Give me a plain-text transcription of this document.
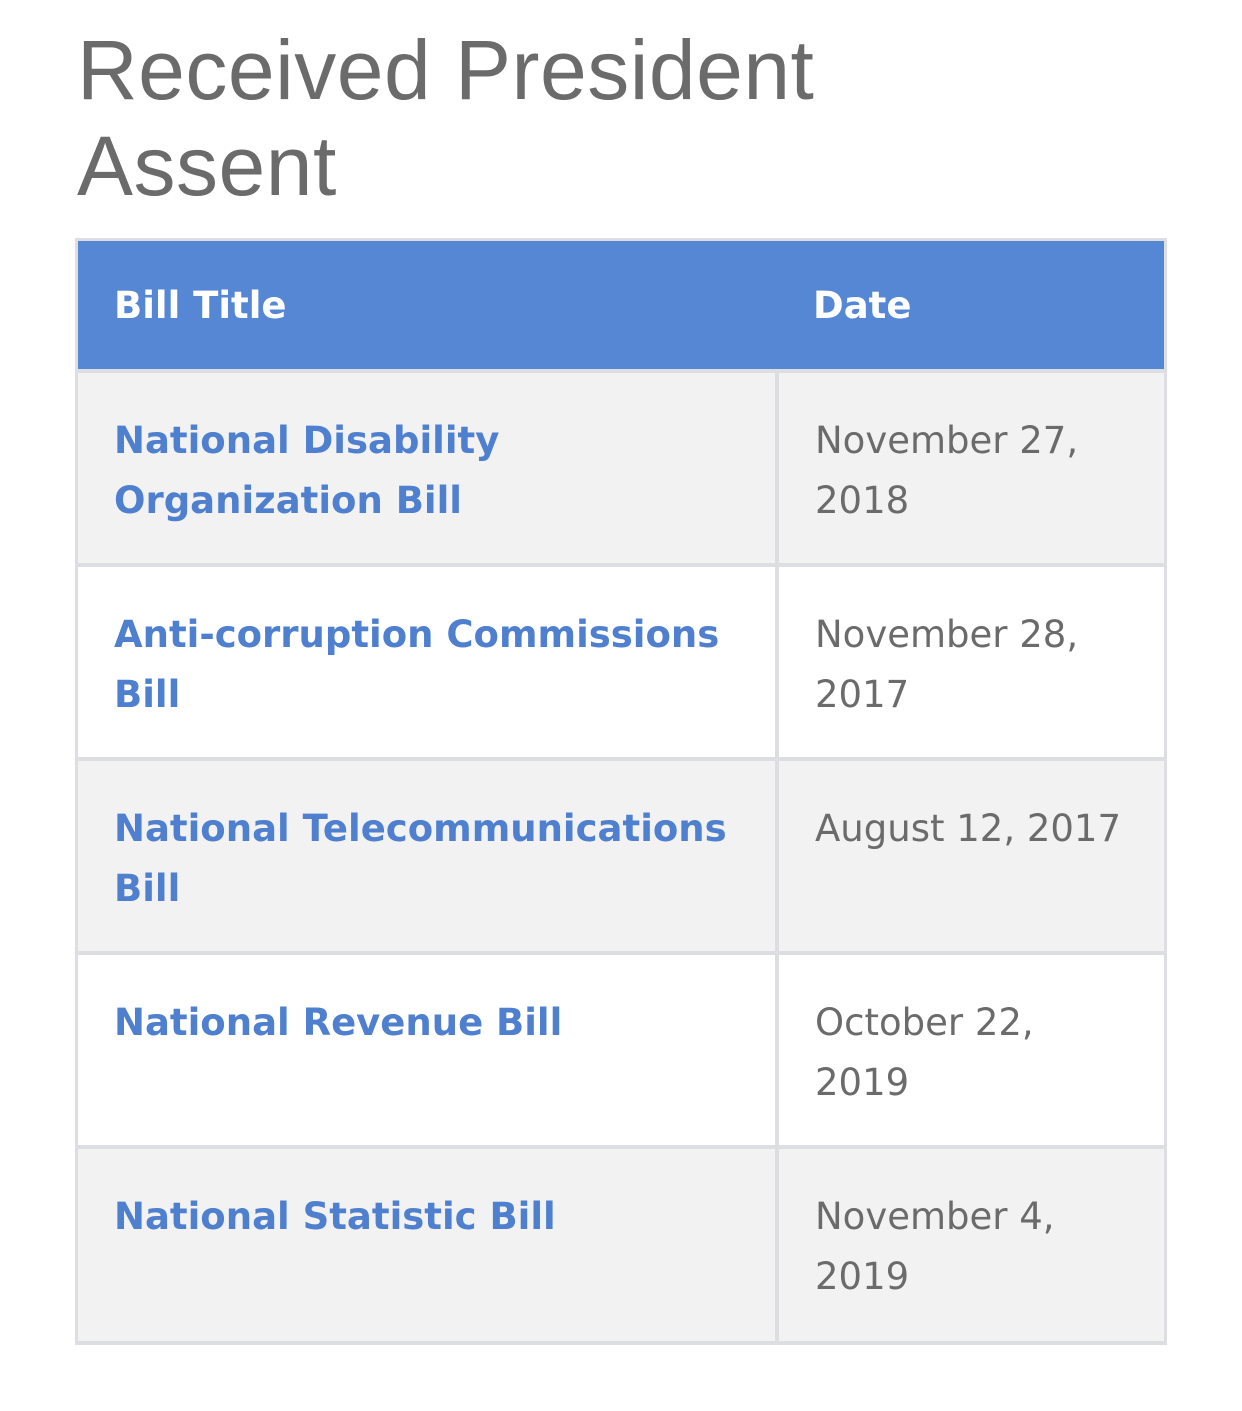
Received President Assent
Bill Title	Date
National Disability Organization Bill	November 27, 2018
Anti-corruption Commissions Bill	November 28, 2017
National Telecommunications Bill	August 12, 2017
National Revenue Bill	October 22, 2019
National Statistic Bill	November 4, 2019
